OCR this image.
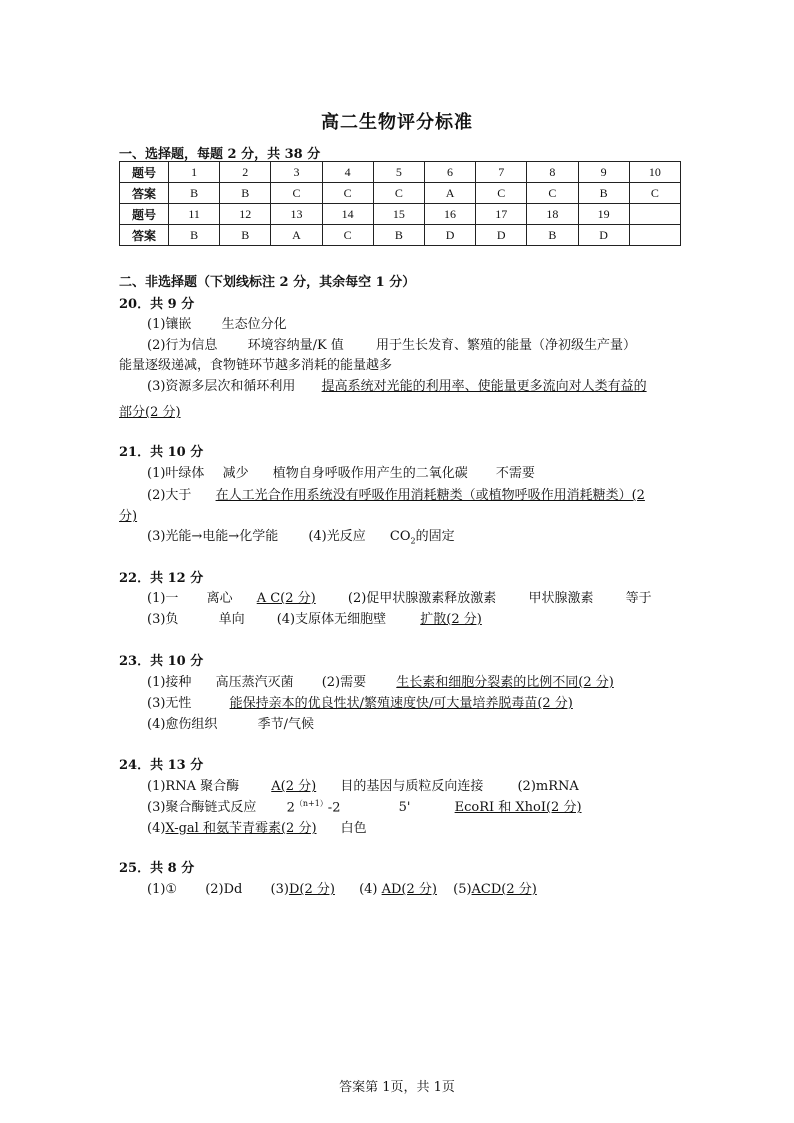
高二生物评分标准
一、选择题，每题 2 分，共 38 分
题号	1	2	3	4	5	6	7	8	9	10
答案	B	B	C	C	C	A	C	C	B	C
题号	11	12	13	14	15	16	17	18	19	
答案	B	B	A	C	B	D	D	B	D	
二、非选择题（下划线标注 2 分，其余每空 1 分）
20．共 9 分
(1)镶嵌 生态位分化
(2)行为信息 环境容纳量/K 值 用于生长发育、繁殖的能量（净初级生产量）
能量逐级递减，食物链环节越多消耗的能量越多
(3)资源多层次和循环利用 提高系统对光能的利用率、使能量更多流向对人类有益的
部分(2 分)
21．共 10 分
(1)叶绿体 减少 植物自身呼吸作用产生的二氧化碳 不需要
(2)大于 在人工光合作用系统没有呼吸作用消耗糖类（或植物呼吸作用消耗糖类）(2
分)
(3)光能→电能→化学能 (4)光反应 $CO_2$的固定
22．共 12 分
(1)一 离心 A C(2 分) (2)促甲状腺激素释放激素 甲状腺激素 等于
(3)负	单向 (4)支原体无细胞壁	扩散(2 分)
23．共 10 分
(1)接种 高压蒸汽灭菌 (2)需要 生长素和细胞分裂素的比例不同(2 分)
(3)无性	能保持亲本的优良性状/繁殖速度快/可大量培养脱毒苗(2 分)
(4)愈伤组织	季节/气候
24．共 13 分
(1)RNA 聚合酶 A(2 分) 目的基因与质粒反向连接	(2)mRNA
(3)聚合酶链式反应 $2^{(n+1)}-2$	5'	EcoRI 和 XhoI(2 分)
(4)X-gal 和氨苄青霉素(2 分) 白色
25．共 8 分
(1)① (2)Dd (3)D(2 分) (4) AD(2 分) (5)ACD(2 分)
答案第 1页，共 1页
